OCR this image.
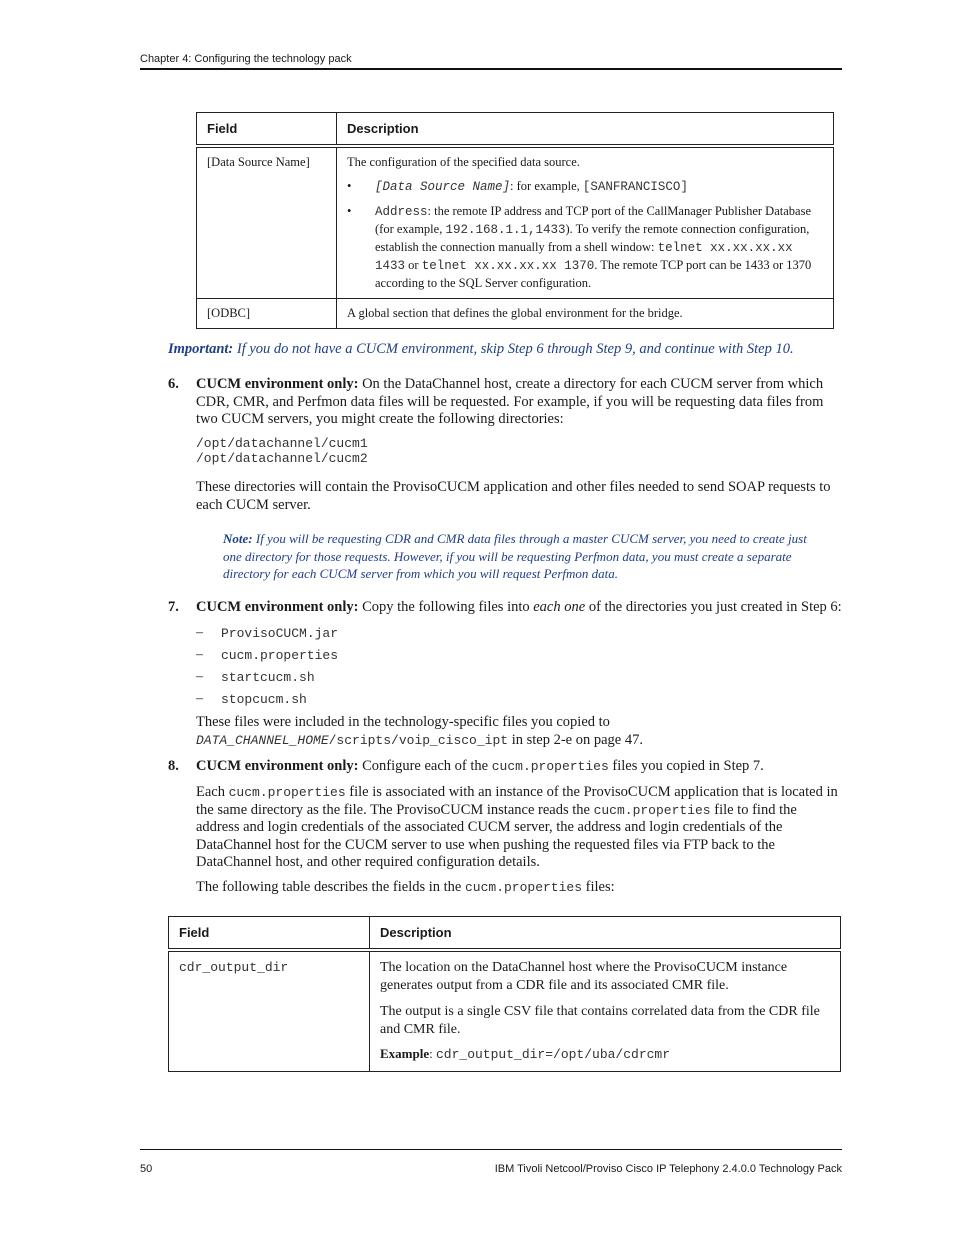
Chapter 4: Configuring the technology pack
Field	Description
[Data Source Name]	The configuration of the specified data source.
• [Data Source Name]: for example, [SANFRANCISCO]
• Address: the remote IP address and TCP port of the CallManager Publisher Database (for example, 192.168.1.1,1433). To verify the remote connection configuration, establish the connection manually from a shell window: telnet xx.xx.xx.xx 1433 or telnet xx.xx.xx.xx 1370. The remote TCP port can be 1433 or 1370 according to the SQL Server configuration.

[ODBC]	A global section that defines the global environment for the bridge.
Important: If you do not have a CUCM environment, skip Step 6 through Step 9, and continue with Step 10.
6. CUCM environment only: On the DataChannel host, create a directory for each CUCM server from which CDR, CMR, and Perfmon data files will be requested. For example, if you will be requesting data files from two CUCM servers, you might create the following directories:
/opt/datachannel/cucm1
/opt/datachannel/cucm2
These directories will contain the ProvisoCUCM application and other files needed to send SOAP requests to each CUCM server.
Note: If you will be requesting CDR and CMR data files through a master CUCM server, you need to create just one directory for those requests. However, if you will be requesting Perfmon data, you must create a separate directory for each CUCM server from which you will request Perfmon data.
7. CUCM environment only: Copy the following files into each one of the directories you just created in Step 6:
– ProvisoCUCM.jar
– cucm.properties
– startcucm.sh
– stopcucm.sh
These files were included in the technology-specific files you copied to
DATA_CHANNEL_HOME/scripts/voip_cisco_ipt in step 2-e on page 47.
8. CUCM environment only: Configure each of the cucm.properties files you copied in Step 7.
Each cucm.properties file is associated with an instance of the ProvisoCUCM application that is located in the same directory as the file. The ProvisoCUCM instance reads the cucm.properties file to find the address and login credentials of the associated CUCM server, the address and login credentials of the DataChannel host for the CUCM server to use when pushing the requested files via FTP back to the DataChannel host, and other required configuration details.
The following table describes the fields in the cucm.properties files:
Field	Description
cdr_output_dir	The location on the DataChannel host where the ProvisoCUCM instance generates output from a CDR file and its associated CMR file.
The output is a single CSV file that contains correlated data from the CDR file and CMR file.
Example: cdr_output_dir=/opt/uba/cdrcmr
50	IBM Tivoli Netcool/Proviso Cisco IP Telephony 2.4.0.0 Technology Pack
